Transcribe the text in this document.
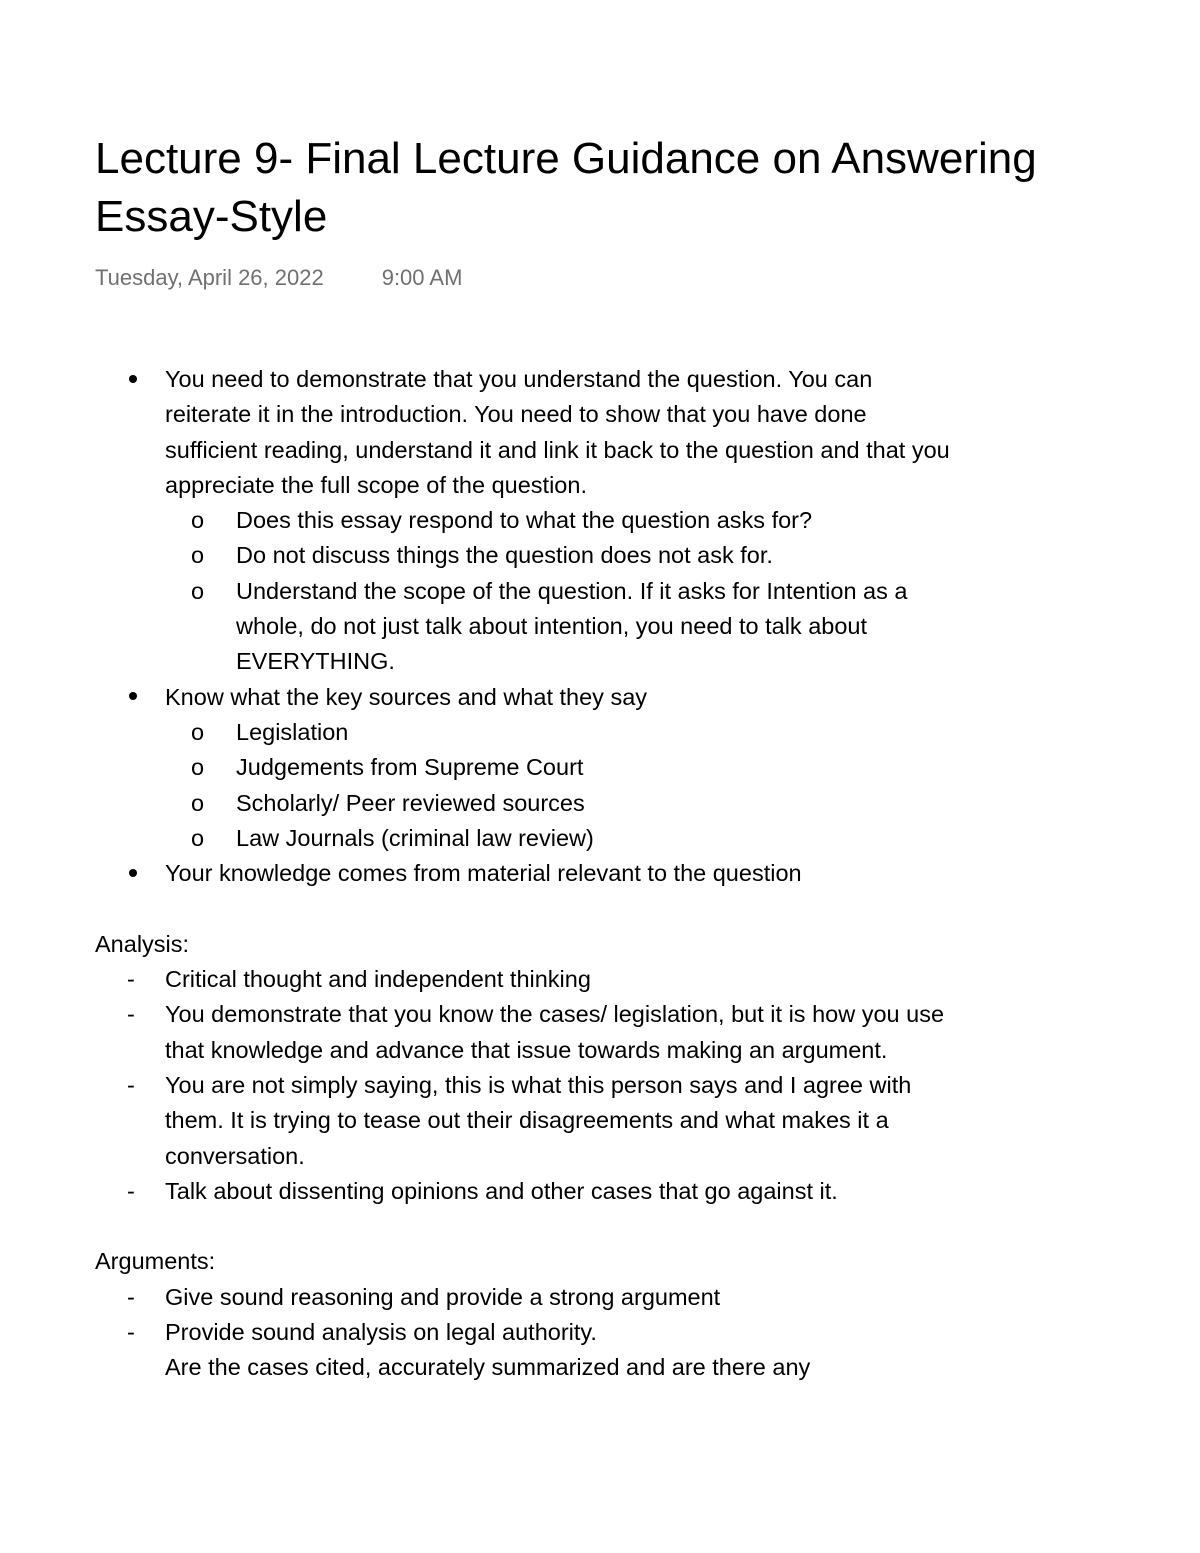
Lecture 9- Final Lecture Guidance on Answering Essay-Style
Tuesday, April 26, 2022	9:00 AM
You need to demonstrate that you understand the question. You can reiterate it in the introduction. You need to show that you have done sufficient reading, understand it and link it back to the question and that you appreciate the full scope of the question.
o	Does this essay respond to what the question asks for?
o	Do not discuss things the question does not ask for.
o	Understand the scope of the question. If it asks for Intention as a whole, do not just talk about intention, you need to talk about EVERYTHING.
Know what the key sources and what they say
o	Legislation
o	Judgements from Supreme Court
o	Scholarly/ Peer reviewed sources
o	Law Journals (criminal law review)
Your knowledge comes from material relevant to the question

Analysis:

-	Critical thought and independent thinking
-	You demonstrate that you know the cases/ legislation, but it is how you use that knowledge and advance that issue towards making an argument.
-	You are not simply saying, this is what this person says and I agree with them. It is trying to tease out their disagreements and what makes it a conversation.
-	Talk about dissenting opinions and other cases that go against it.

Arguments:

-	Give sound reasoning and provide a strong argument
-	Provide sound analysis on legal authority.
Are the cases cited, accurately summarized and are there any
